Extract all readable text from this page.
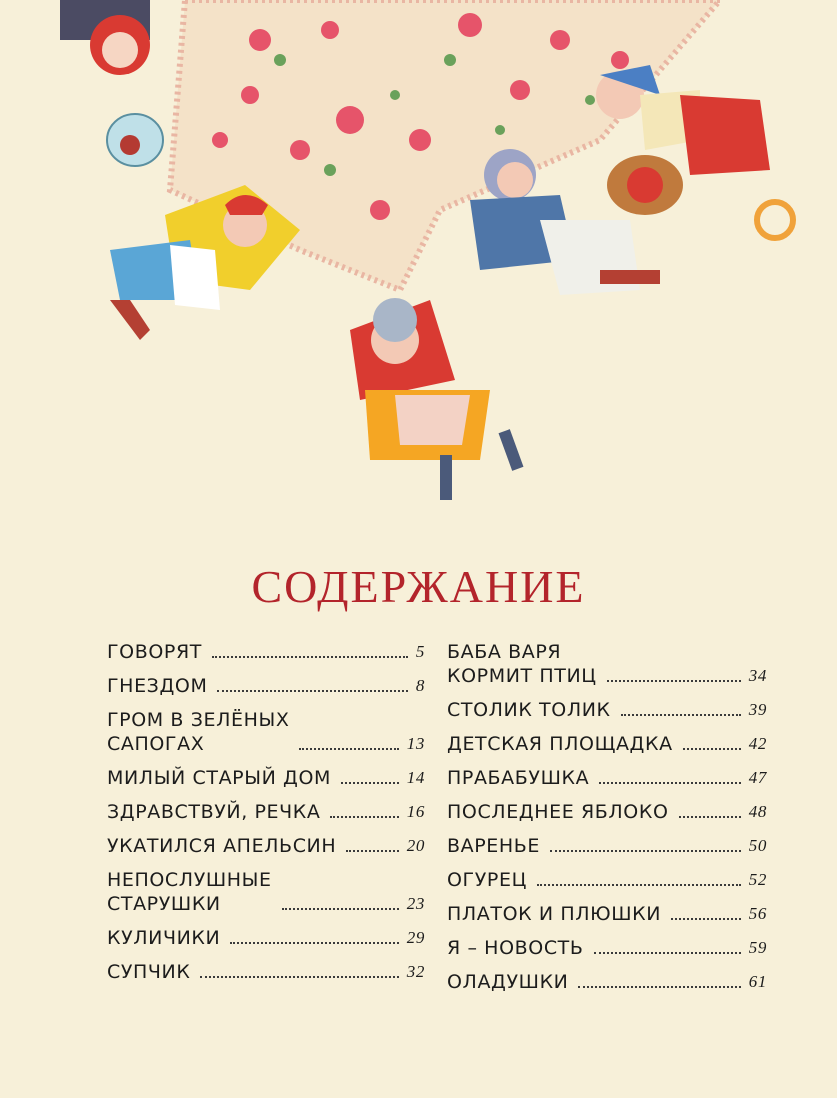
СОДЕРЖАНИЕ
ГОВОРЯТ	5
ГНЕЗДОМ	8
ГРОМ В ЗЕЛЁНЫХ
САПОГАХ	13
МИЛЫЙ СТАРЫЙ ДОМ	14
ЗДРАВСТВУЙ, РЕЧКА	16
УКАТИЛСЯ АПЕЛЬСИН	20
НЕПОСЛУШНЫЕ
СТАРУШКИ	23
КУЛИЧИКИ	29
СУПЧИК	32
БАБА ВАРЯ
КОРМИТ ПТИЦ	34
СТОЛИК ТОЛИК	39
ДЕТСКАЯ ПЛОЩАДКА	42
ПРАБАБУШКА	47
ПОСЛЕДНЕЕ ЯБЛОКО	48
ВАРЕНЬЕ	50
ОГУРЕЦ	52
ПЛАТОК И ПЛЮШКИ	56
Я – НОВОСТЬ	59
ОЛАДУШКИ	61
